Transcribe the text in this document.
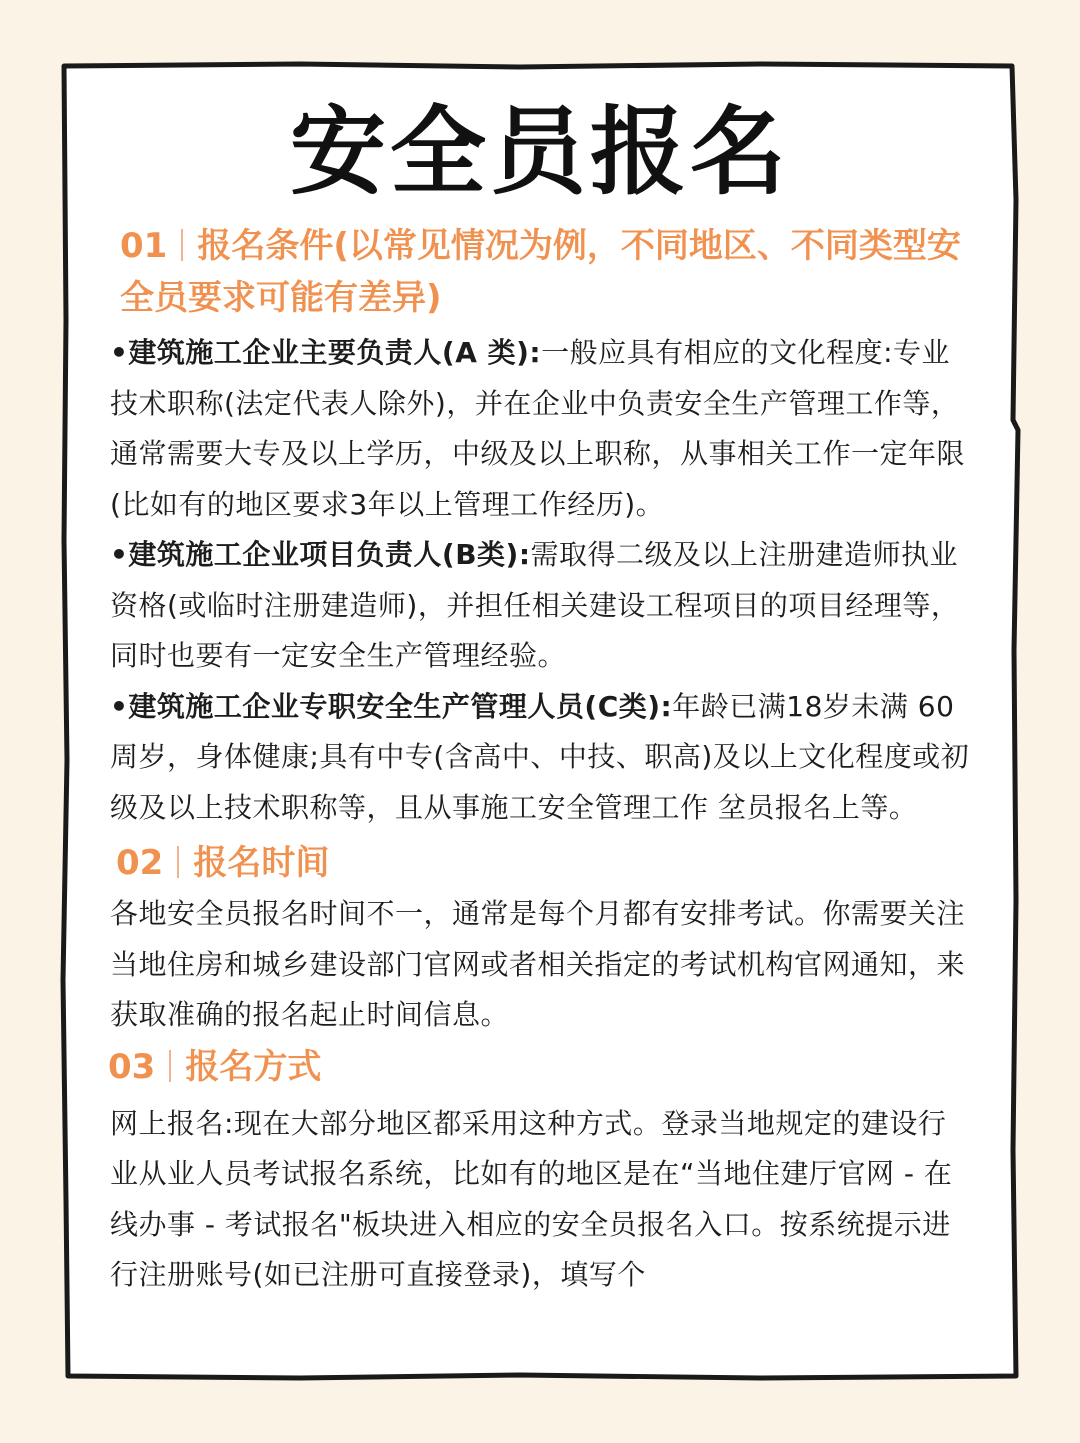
安全员报名
01 报名条件(以常见情况为例，不同地区、不同类型安全员要求可能有差异)

•建筑施工企业主要负责人(A 类):一般应具有相应的文化程度:专业技术职称(法定代表人除外)，并在企业中负责安全生产管理工作等，通常需要大专及以上学历，中级及以上职称，从事相关工作一定年限(比如有的地区要求3年以上管理工作经历)。

•建筑施工企业项目负责人(B类):需取得二级及以上注册建造师执业资格(或临时注册建造师)，并担任相关建设工程项目的项目经理等，同时也要有一定安全生产管理经验。

•建筑施工企业专职安全生产管理人员(C类):年龄已满18岁未满 60 周岁，身体健康;具有中专(含高中、中技、职高)及以上文化程度或初级及以上技术职称等，且从事施工安全管理工作 坌员报名上等。

02 报名时间

各地安全员报名时间不一，通常是每个月都有安排考试。你需要关注当地住房和城乡建设部门官网或者相关指定的考试机构官网通知，来获取准确的报名起止时间信息。

03 报名方式

网上报名:现在大部分地区都采用这种方式。登录当地规定的建设行业从业人员考试报名系统，比如有的地区是在“当地住建厅官网 - 在线办事 - 考试报名"板块进入相应的安全员报名入口。按系统提示进行注册账号(如已注册可直接登录)，填写个
